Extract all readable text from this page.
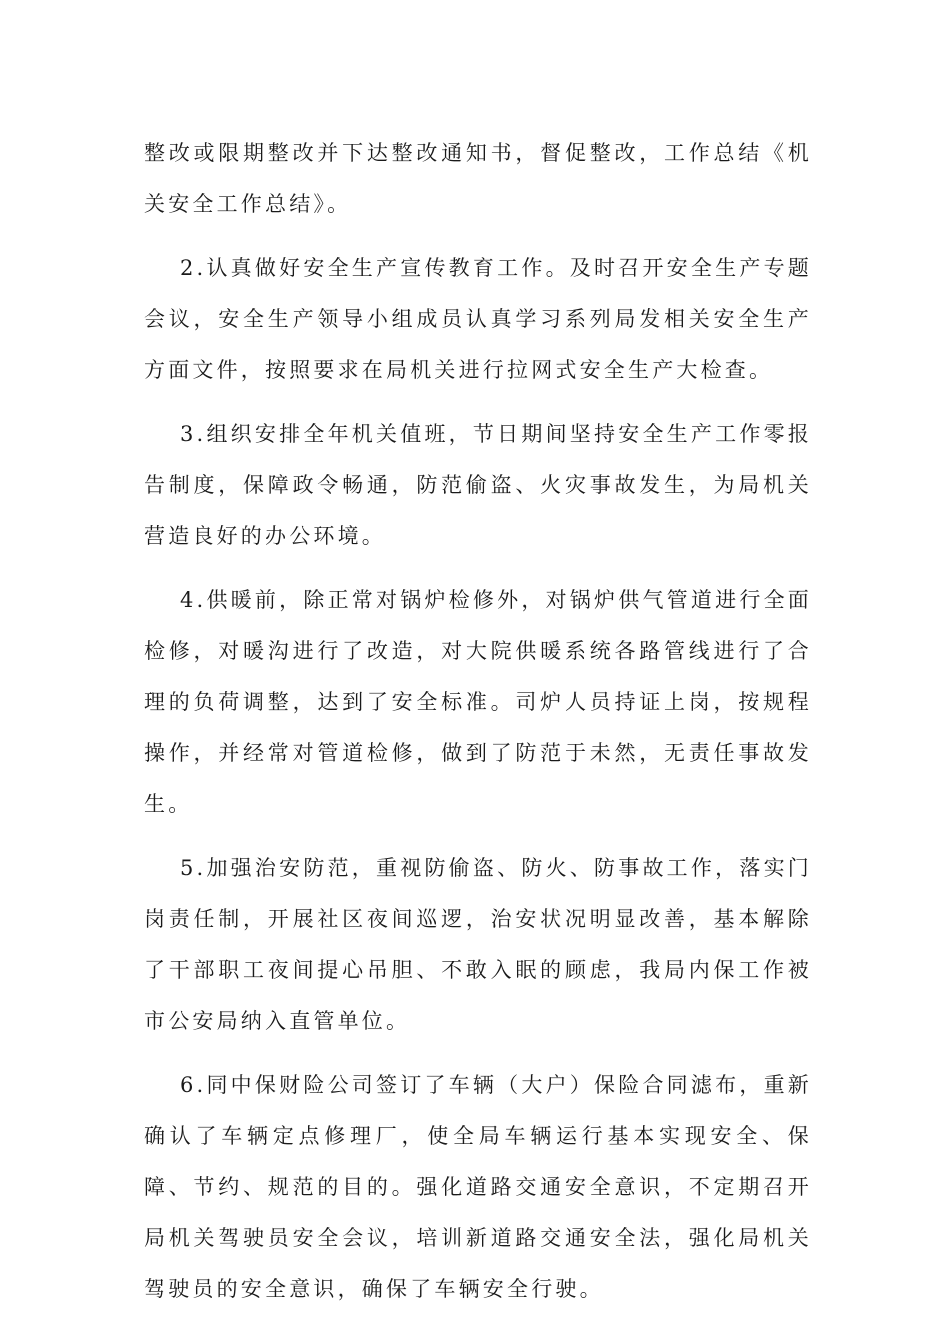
整改或限期整改并下达整改通知书，督促整改，工作总结《机关安全工作总结》。

2.认真做好安全生产宣传教育工作。及时召开安全生产专题会议，安全生产领导小组成员认真学习系列局发相关安全生产方面文件，按照要求在局机关进行拉网式安全生产大检查。

3.组织安排全年机关值班，节日期间坚持安全生产工作零报告制度，保障政令畅通，防范偷盗、火灾事故发生，为局机关营造良好的办公环境。

4.供暖前，除正常对锅炉检修外，对锅炉供气管道进行全面检修，对暖沟进行了改造，对大院供暖系统各路管线进行了合理的负荷调整，达到了安全标准。司炉人员持证上岗，按规程操作，并经常对管道检修，做到了防范于未然，无责任事故发生。

5.加强治安防范，重视防偷盗、防火、防事故工作，落实门岗责任制，开展社区夜间巡逻，治安状况明显改善，基本解除了干部职工夜间提心吊胆、不敢入眠的顾虑，我局内保工作被市公安局纳入直管单位。

6.同中保财险公司签订了车辆（大户）保险合同滤布，重新确认了车辆定点修理厂，使全局车辆运行基本实现安全、保障、节约、规范的目的。强化道路交通安全意识，不定期召开局机关驾驶员安全会议，培训新道路交通安全法，强化局机关驾驶员的安全意识，确保了车辆安全行驶。
